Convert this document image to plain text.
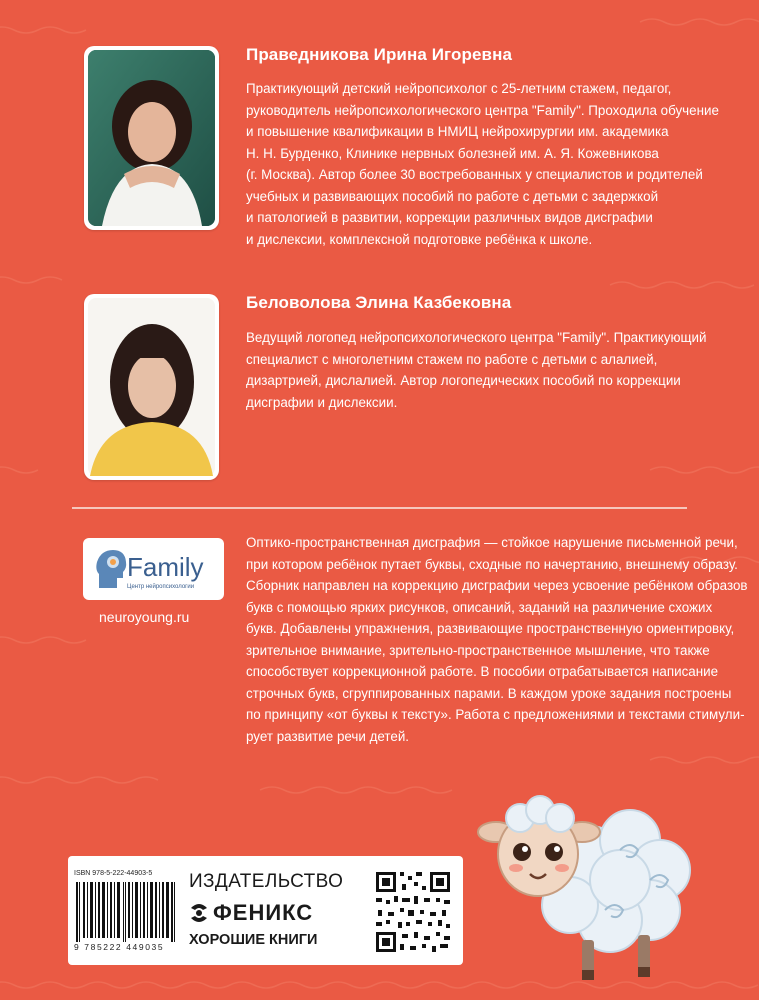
Праведникова Ирина Игоревна
Практикующий детский нейропсихолог с 25-летним стажем, педагог,
руководитель нейропсихологического центра "Family". Проходила обучение
и повышение квалификации в НМИЦ нейрохирургии им. академика
Н. Н. Бурденко, Клинике нервных болезней им. А. Я. Кожевникова
(г. Москва). Автор более 30 востребованных у специалистов и родителей
учебных и развивающих пособий по работе с детьми с задержкой
и патологией в развитии, коррекции различных видов дисграфии
и дислексии, комплексной подготовке ребёнка к школе.
Беловолова Элина Казбековна
Ведущий логопед нейропсихологического центра "Family". Практикующий
специалист с многолетним стажем по работе с детьми с алалией,
дизартрией, дислалией. Автор логопедических пособий по коррекции
дисграфии и дислексии.
Family
Центр нейропсихологии
neuroyoung.ru
Оптико-пространственная дисграфия — стойкое нарушение письменной речи,
при котором ребёнок путает буквы, сходные по начертанию, внешнему образу.
Сборник направлен на коррекцию дисграфии через усвоение ребёнком образов
букв с помощью ярких рисунков, описаний, заданий на различение схожих
букв. Добавлены упражнения, развивающие пространственную ориентировку,
зрительное внимание, зрительно-пространственное мышление, что также
способствует коррекционной работе. В пособии отрабатывается написание
строчных букв, сгруппированных парами. В каждом уроке задания построены
по принципу «от буквы к тексту». Работа с предложениями и текстами стимули-
рует развитие речи детей.
ISBN 978-5-222-44903-5
9 785222 449035
ИЗДАТЕЛЬСТВО
ФЕНИКС
ХОРОШИЕ КНИГИ
